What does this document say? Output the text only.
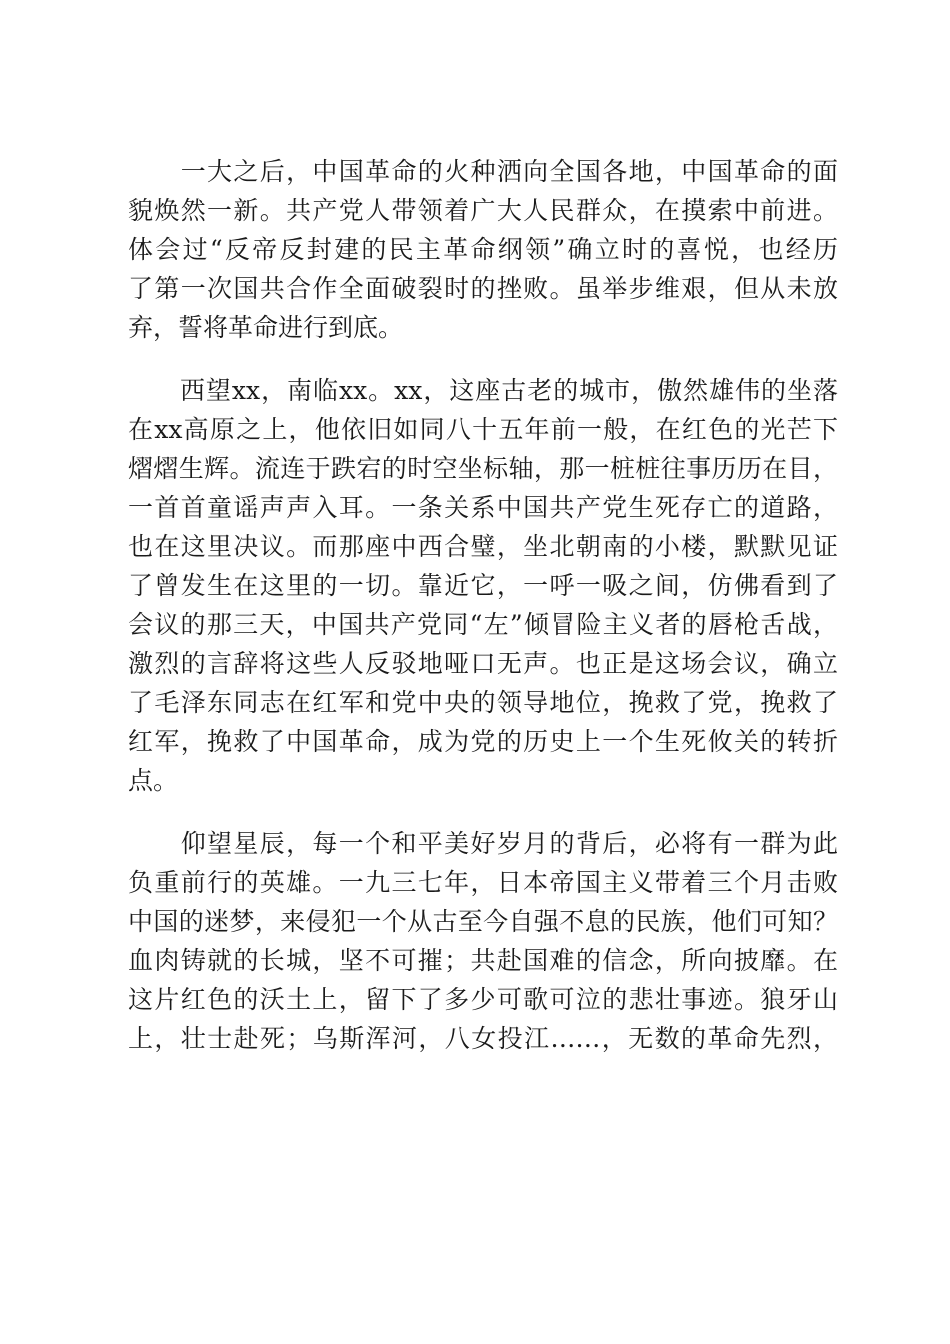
　　一大之后，中国革命的火种洒向全国各地，中国革命的面
貌焕然一新。共产党人带领着广大人民群众，在摸索中前进。
体会过“反帝反封建的民主革命纲领”确立时的喜悦，也经历
了第一次国共合作全面破裂时的挫败。虽举步维艰，但从未放
弃，誓将革命进行到底。

　　西望xx，南临xx。xx，这座古老的城市，傲然雄伟的坐落
在xx高原之上，他依旧如同八十五年前一般，在红色的光芒下
熠熠生辉。流连于跌宕的时空坐标轴，那一桩桩往事历历在目，
一首首童谣声声入耳。一条关系中国共产党生死存亡的道路，
也在这里决议。而那座中西合璧，坐北朝南的小楼，默默见证
了曾发生在这里的一切。靠近它，一呼一吸之间，仿佛看到了
会议的那三天，中国共产党同“左”倾冒险主义者的唇枪舌战，
激烈的言辞将这些人反驳地哑口无声。也正是这场会议，确立
了毛泽东同志在红军和党中央的领导地位，挽救了党，挽救了
红军，挽救了中国革命，成为党的历史上一个生死攸关的转折
点。

　　仰望星辰，每一个和平美好岁月的背后，必将有一群为此
负重前行的英雄。一九三七年，日本帝国主义带着三个月击败
中国的迷梦，来侵犯一个从古至今自强不息的民族，他们可知？
血肉铸就的长城，坚不可摧；共赴国难的信念，所向披靡。在
这片红色的沃土上，留下了多少可歌可泣的悲壮事迹。狼牙山
上，壮士赴死；乌斯浑河，八女投江……，无数的革命先烈，
